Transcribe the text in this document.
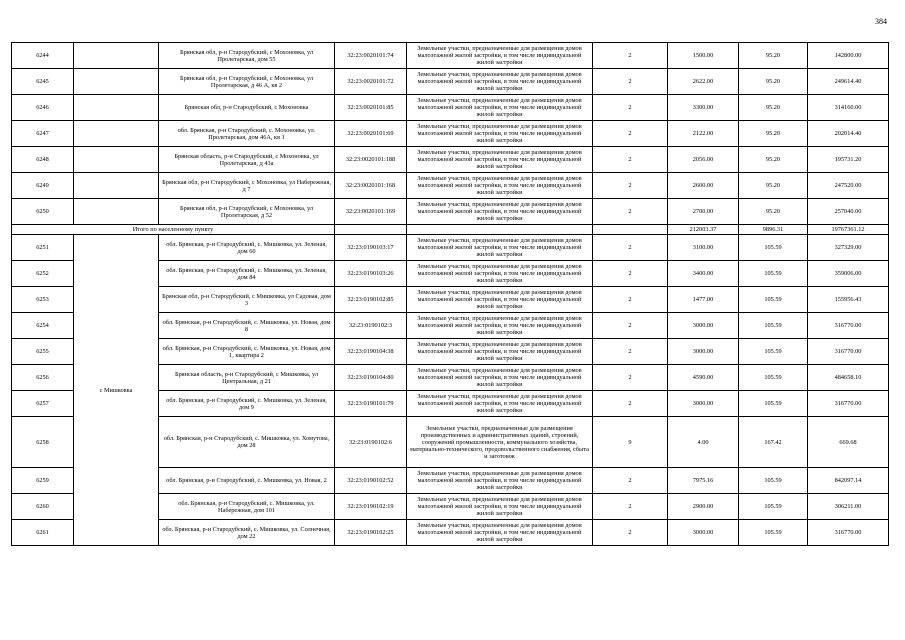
384
6244		Брянская обл, р-н Стародубский, с Мохоновка, ул Пролетарская, дом 55	32:23:0020101:74	Земельные участки, предназначенные для размещения домов малоэтажной жилой застройки, в том числе индивидуальной жилой застройки	2	1500.00	95.20	142800.00
6245		Брянская обл, р-н Стародубский, с Мохоновка, ул Пролетарская, д 46 А, кв 2	32:23:0020101:72	Земельные участки, предназначенные для размещения домов малоэтажной жилой застройки, в том числе индивидуальной жилой застройки	2	2622.00	95.20	249614.40
6246		Брянская обл, р-н Стародубский, с Мохоновка	32:23:0020101:85	Земельные участки, предназначенные для размещения домов малоэтажной жилой застройки, в том числе индивидуальной жилой застройки	2	3300.00	95.20	314160.00
6247		обл. Брянская, р-н Стародубский, с. Мохоновка, ул. Пролетарская, дом 46А, кв 1	32:23:0020101:69	Земельные участки, предназначенные для размещения домов малоэтажной жилой застройки, в том числе индивидуальной жилой застройки	2	2122.00	95.20	202014.40
6248		Брянская область, р-н Стародубский, с Мохоновка, ул Пролетарская, д 43а	32:23:0020101:188	Земельные участки, предназначенные для размещения домов малоэтажной жилой застройки, в том числе индивидуальной жилой застройки	2	2056.00	95.20	195731.20
6249		Брянская обл, р-н Стародубский, с Мохоновка, ул Набережная, д 7	32:23:0020101:168	Земельные участки, предназначенные для размещения домов малоэтажной жилой застройки, в том числе индивидуальной жилой застройки	2	2600.00	95.20	247520.00
6250		Брянская обл, р-н Стародубский, с Мохоновка, ул Пролетарская, д 52	32:23:0020101:169	Земельные участки, предназначенные для размещения домов малоэтажной жилой застройки, в том числе индивидуальной жилой застройки	2	2700.00	95.20	257040.00
Итого по населенному пункту						212003.37	9896.31	19767361.12
6251	с Мишковка	обл. Брянская, р-н Стародубский, с. Мишковка, ул. Зеленая, дом 60	32:23:0190103:17	Земельные участки, предназначенные для размещения домов малоэтажной жилой застройки, в том числе индивидуальной жилой застройки	2	3100.00	105.59	327329.00
6252		обл. Брянская, р-н Стародубский, с. Мишковка, ул. Зеленая, дом 84	32:23:0190103:26	Земельные участки, предназначенные для размещения домов малоэтажной жилой застройки, в том числе индивидуальной жилой застройки	2	3400.00	105.59	359006.00
6253		Брянская обл, р-н Стародубский, с Мишковка, ул Садовая, дом 3	32:23:0190102:85	Земельные участки, предназначенные для размещения домов малоэтажной жилой застройки, в том числе индивидуальной жилой застройки	2	1477.00	105.59	155956.43
6254		обл. Брянская, р-н Стародубский, с. Мишковка, ул. Новая, дом 8	32:23:0190102:3	Земельные участки, предназначенные для размещения домов малоэтажной жилой застройки, в том числе индивидуальной жилой застройки	2	3000.00	105.59	316770.00
6255		обл. Брянская, р-н Стародубский, с. Мишковка, ул. Новая, дом 1, квартира 2	32:23:0190104:38	Земельные участки, предназначенные для размещения домов малоэтажной жилой застройки, в том числе индивидуальной жилой застройки	2	3000.00	105.59	316770.00
6256		Брянская область, р-н Стародубский, с Мишковка, ул Центральная, д 21	32:23:0190104:80	Земельные участки, предназначенные для размещения домов малоэтажной жилой застройки, в том числе индивидуальной жилой застройки	2	4590.00	105.59	484658.10
6257		обл. Брянская, р-н Стародубский, с. Мишковка, ул. Зеленая, дом 9	32:23:0190101:79	Земельные участки, предназначенные для размещения домов малоэтажной жилой застройки, в том числе индивидуальной жилой застройки	2	3000.00	105.59	316770.00
6258		обл. Брянская, р-н Стародубский, с. Мишковка, ул. Хомутова, дом 28	32:23:0190102:6	Земельные участки, предназначенные для размещения производственных и административных зданий, строений, сооружений промышленности, коммунального хозяйства, материально-технического, продовольственного снабжения, сбыта и заготовок	9	4.00	167.42	669.68
6259		обл. Брянская, р-н Стародубский, с. Мишковка, ул. Новая, 2	32:23:0190102:52	Земельные участки, предназначенные для размещения домов малоэтажной жилой застройки, в том числе индивидуальной жилой застройки	2	7975.16	105.59	842097.14
6260		обл. Брянская, р-н Стародубский, с. Мишковка, ул. Набережная, дом 101	32:23:0190102:19	Земельные участки, предназначенные для размещения домов малоэтажной жилой застройки, в том числе индивидуальной жилой застройки	2	2900.00	105.59	306211.00
6261		обл. Брянская, р-н Стародубский, с. Мишковка, ул. Солнечная, дом 22	32:23:0190102:25	Земельные участки, предназначенные для размещения домов малоэтажной жилой застройки, в том числе индивидуальной жилой застройки	2	3000.00	105.59	316770.00
